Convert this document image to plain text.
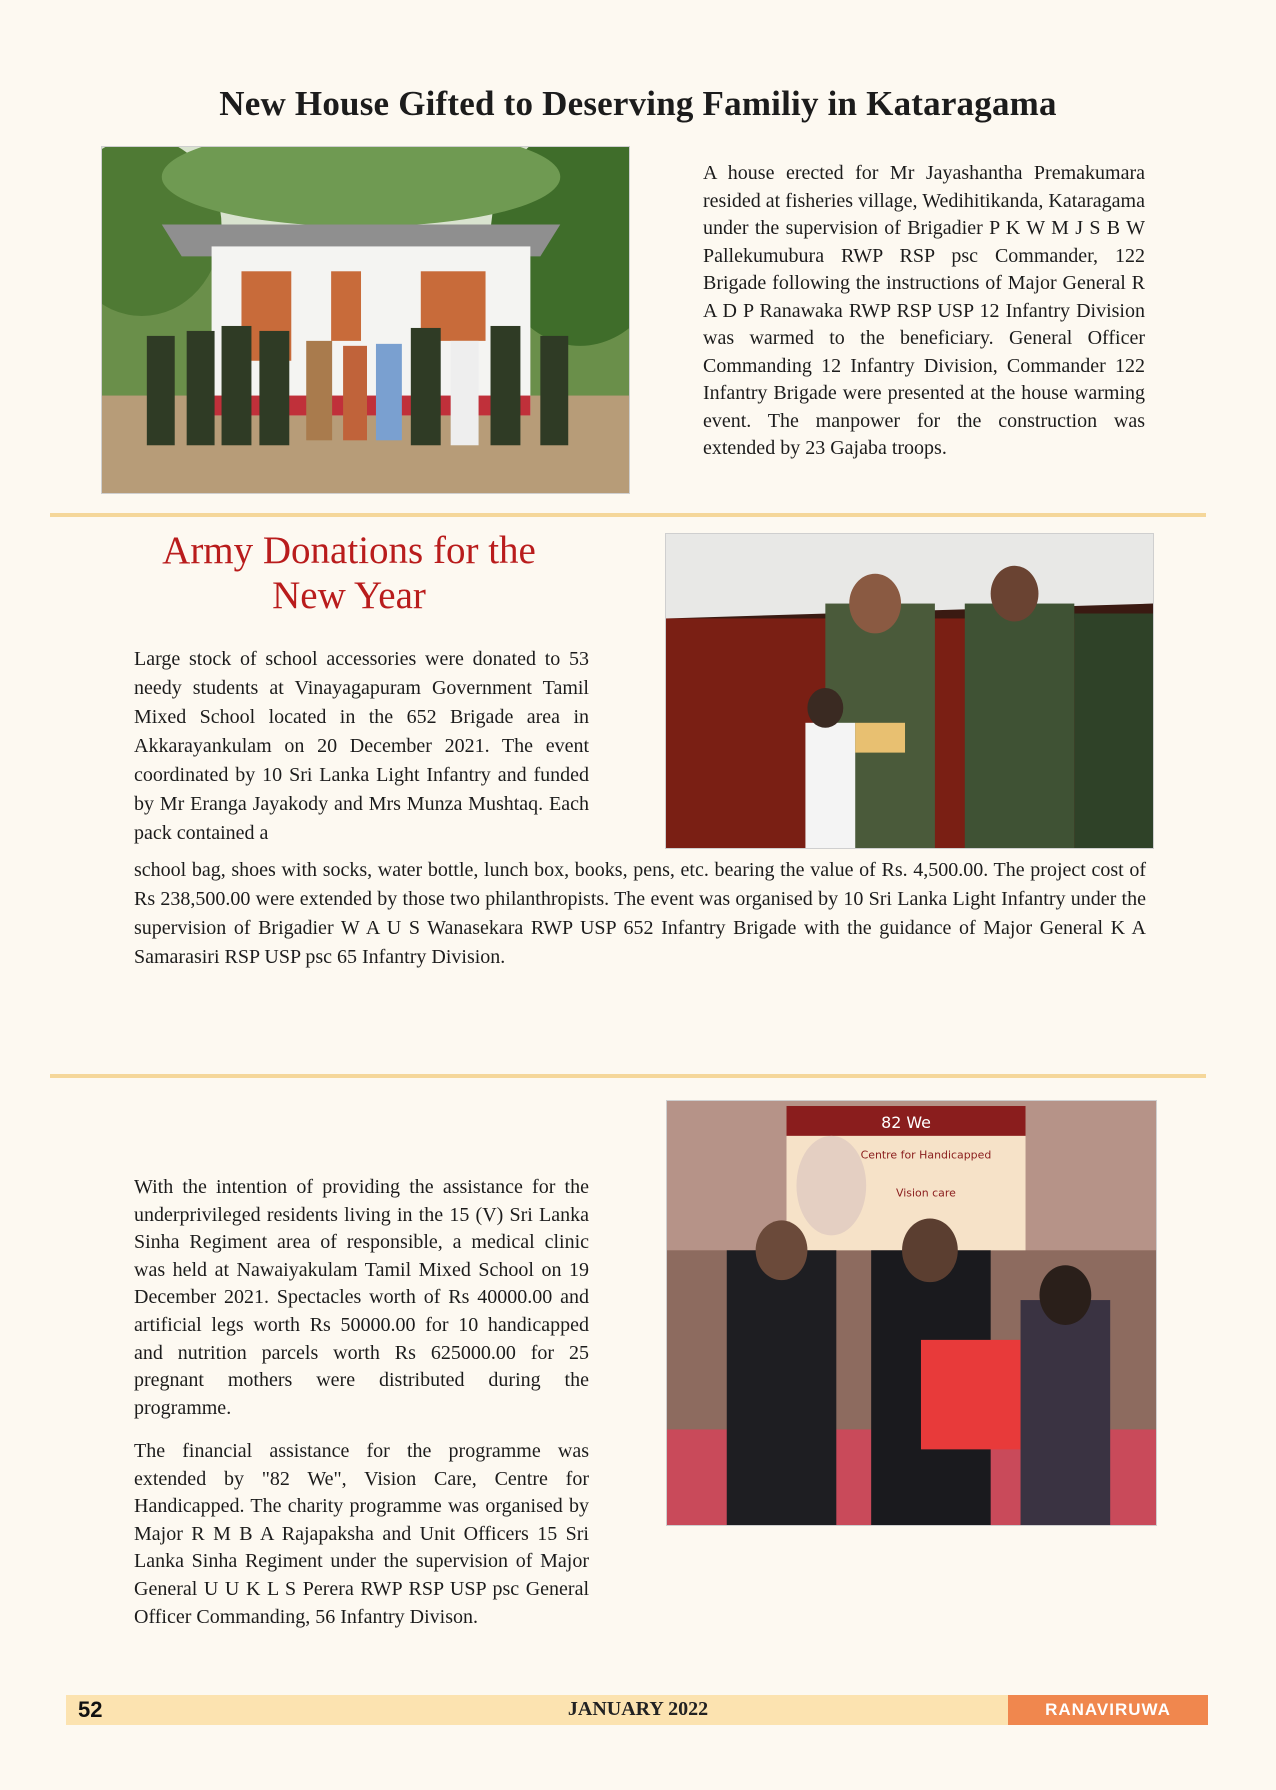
New House Gifted to Deserving Familiy in Kataragama

A house erected for Mr Jayashantha Premakumara resided at fisheries village, Wedihitikanda, Kataragama under the supervision of Brigadier P K W M J S B W Pallekumubura RWP RSP psc Commander, 122 Brigade following the instructions of Major General R A D P Ranawaka RWP RSP USP 12 Infantry Division was warmed to the beneficiary. General Officer Commanding 12 Infantry Division, Commander 122 Infantry Brigade were presented at the house warming event. The manpower for the construction was extended by 23 Gajaba troops.

Army Donations for the
New Year

Large stock of school accessories were donated to 53 needy students at Vinayagapuram Government Tamil Mixed School located in the 652 Brigade area in Akkarayankulam on 20 December 2021. The event coordinated by 10 Sri Lanka Light Infantry and funded by Mr Eranga Jayakody and Mrs Munza Mushtaq. Each pack contained a

school bag, shoes with socks, water bottle, lunch box, books, pens, etc. bearing the value of Rs. 4,500.00. The project cost of Rs 238,500.00 were extended by those two philanthropists. The event was organised by 10 Sri Lanka Light Infantry under the supervision of Brigadier W A U S Wanasekara RWP USP 652 Infantry Brigade with the guidance of Major General K A Samarasiri RSP USP psc 65 Infantry Division.

82 We
Centre for Handicapped
Vision care

With the intention of providing the assistance for the underprivileged residents living in the 15 (V) Sri Lanka Sinha Regiment area of responsible, a medical clinic was held at Nawaiyakulam Tamil Mixed School on 19 December 2021. Spectacles worth of Rs 40000.00 and artificial legs worth Rs 50000.00 for 10 handicapped and nutrition parcels worth Rs 625000.00 for 25 pregnant mothers were distributed during the programme.

The financial assistance for the programme was extended by "82 We", Vision Care, Centre for Handicapped. The charity programme was organised by Major R M B A Rajapaksha and Unit Officers 15 Sri Lanka Sinha Regiment under the supervision of Major General U U K L S Perera RWP RSP USP psc General Officer Commanding, 56 Infantry Divison.

52	JANUARY 2022	RANAVIRUWA
